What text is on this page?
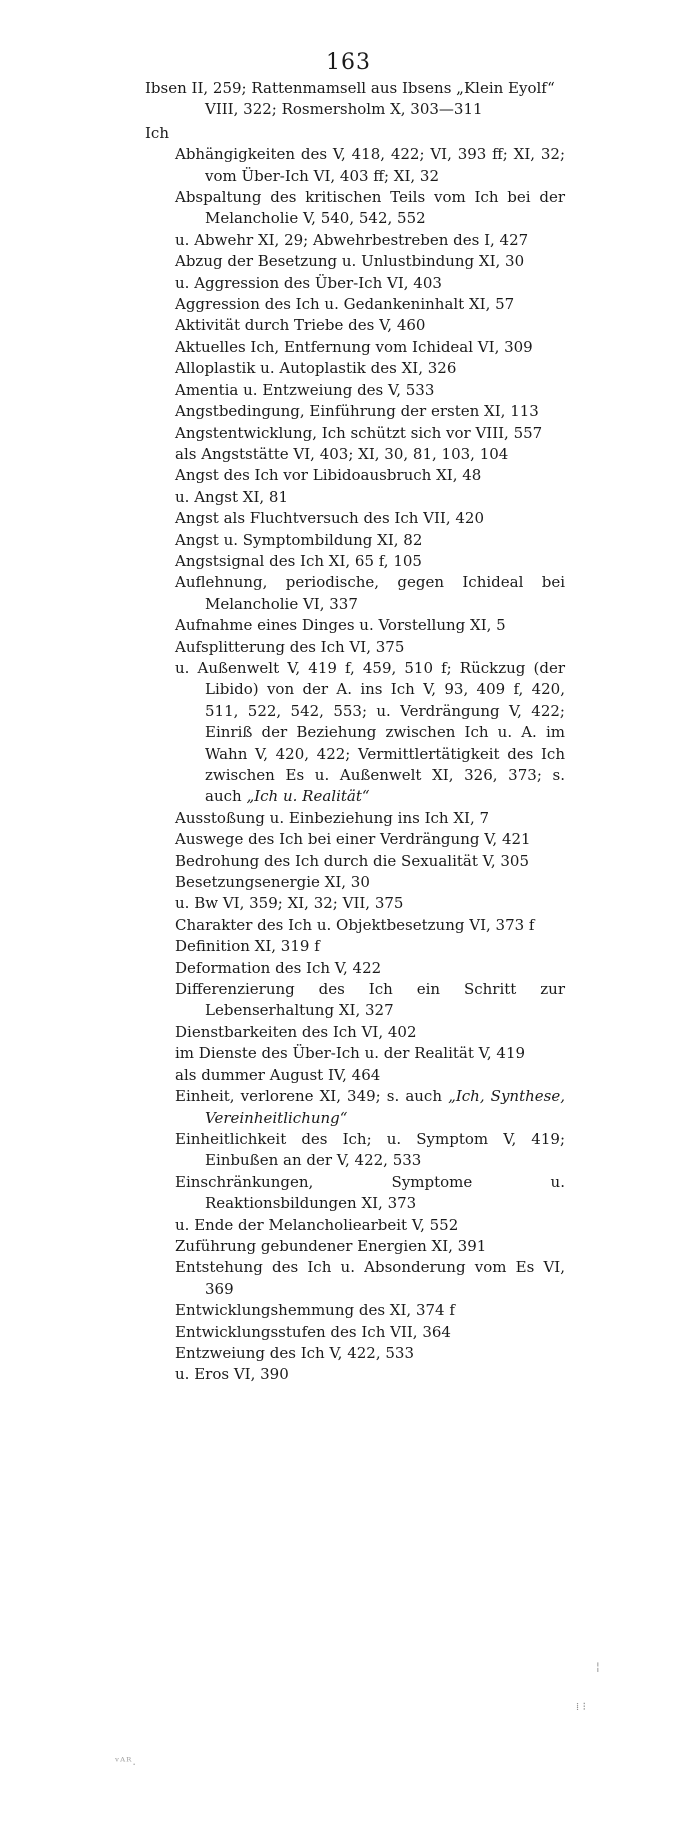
163

Ibsen II, 259; Rattenmamsell aus Ibsens „Klein Eyolf“ VIII, 322; Rosmersholm X, 303—311

Ich

Abhängigkeiten des V, 418, 422; VI, 393 ff; XI, 32; vom Über-Ich VI, 403 ff; XI, 32

Abspaltung des kritischen Teils vom Ich bei der Melancholie V, 540, 542, 552

u. Abwehr XI, 29; Abwehrbestreben des I, 427

Abzug der Besetzung u. Unlustbindung XI, 30

u. Aggression des Über-Ich VI, 403

Aggression des Ich u. Gedankeninhalt XI, 57

Aktivität durch Triebe des V, 460

Aktuelles Ich, Entfernung vom Ichideal VI, 309

Alloplastik u. Autoplastik des XI, 326

Amentia u. Entzweiung des V, 533

Angstbedingung, Einführung der ersten XI, 113

Angstentwicklung, Ich schützt sich vor VIII, 557

als Angststätte VI, 403; XI, 30, 81, 103, 104

Angst des Ich vor Libidoausbruch XI, 48

u. Angst XI, 81

Angst als Fluchtversuch des Ich VII, 420

Angst u. Symptombildung XI, 82

Angstsignal des Ich XI, 65 f, 105

Auflehnung, periodische, gegen Ichideal bei Melancholie VI, 337

Aufnahme eines Dinges u. Vorstellung XI, 5

Aufsplitterung des Ich VI, 375

u. Außenwelt V, 419 f, 459, 510 f; Rückzug (der Libido) von der A. ins Ich V, 93, 409 f, 420, 511, 522, 542, 553; u. Verdrängung V, 422; Einriß der Beziehung zwischen Ich u. A. im Wahn V, 420, 422; Vermittlertätigkeit des Ich zwischen Es u. Außenwelt XI, 326, 373; s. auch „Ich u. Realität“

Ausstoßung u. Einbeziehung ins Ich XI, 7

Auswege des Ich bei einer Verdrängung V, 421

Bedrohung des Ich durch die Sexualität V, 305

Besetzungsenergie XI, 30

u. Bw VI, 359; XI, 32; VII, 375

Charakter des Ich u. Objektbesetzung VI, 373 f

Definition XI, 319 f

Deformation des Ich V, 422

Differenzierung des Ich ein Schritt zur Lebenserhaltung XI, 327

Dienstbarkeiten des Ich VI, 402

im Dienste des Über-Ich u. der Realität V, 419

als dummer August IV, 464

Einheit, verlorene XI, 349; s. auch „Ich, Synthese, Vereinheitlichung“

Einheitlichkeit des Ich; u. Symptom V, 419; Einbußen an der V, 422, 533

Einschränkungen, Symptome u. Reaktionsbildungen XI, 373

u. Ende der Melancholiearbeit V, 552

Zuführung gebundener Energien XI, 391

Entstehung des Ich u. Absonderung vom Es VI, 369

Entwicklungshemmung des XI, 374 f

Entwicklungsstufen des Ich VII, 364

Entzweiung des Ich V, 422, 533

u. Eros VI, 390

¦
⁞ ⁝
ᵛᴬᴿ.
